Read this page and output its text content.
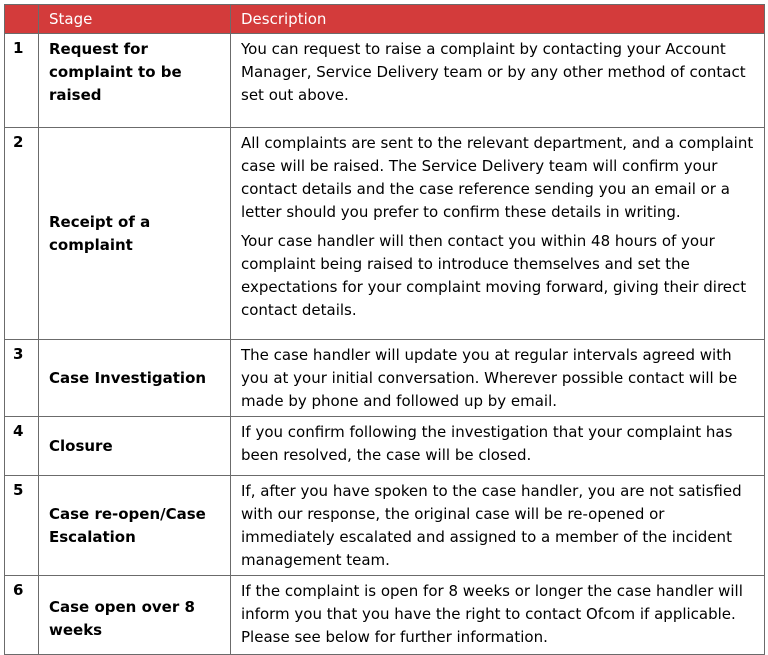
	Stage	Description
1	Request for complaint to be raised	You can request to raise a complaint by contacting your Account Manager, Service Delivery team or by any other method of contact set out above.

2	Receipt of a complaint	All complaints are sent to the relevant department, and a complaint case will be raised. The Service Delivery team will confirm your contact details and the case reference sending you an email or a letter should you prefer to confirm these details in writing.

Your case handler will then contact you within 48 hours of your complaint being raised to introduce themselves and set the expectations for your complaint moving forward, giving their direct contact details.

3	Case Investigation	The case handler will update you at regular intervals agreed with you at your initial conversation. Wherever possible contact will be made by phone and followed up by email.

4	Closure	If you confirm following the investigation that your complaint has been resolved, the case will be closed.

5	Case re-open/Case Escalation	If, after you have spoken to the case handler, you are not satisfied with our response, the original case will be re-opened or immediately escalated and assigned to a member of the incident management team.

6	Case open over 8 weeks	If the complaint is open for 8 weeks or longer the case handler will inform you that you have the right to contact Ofcom if applicable. Please see below for further information.
